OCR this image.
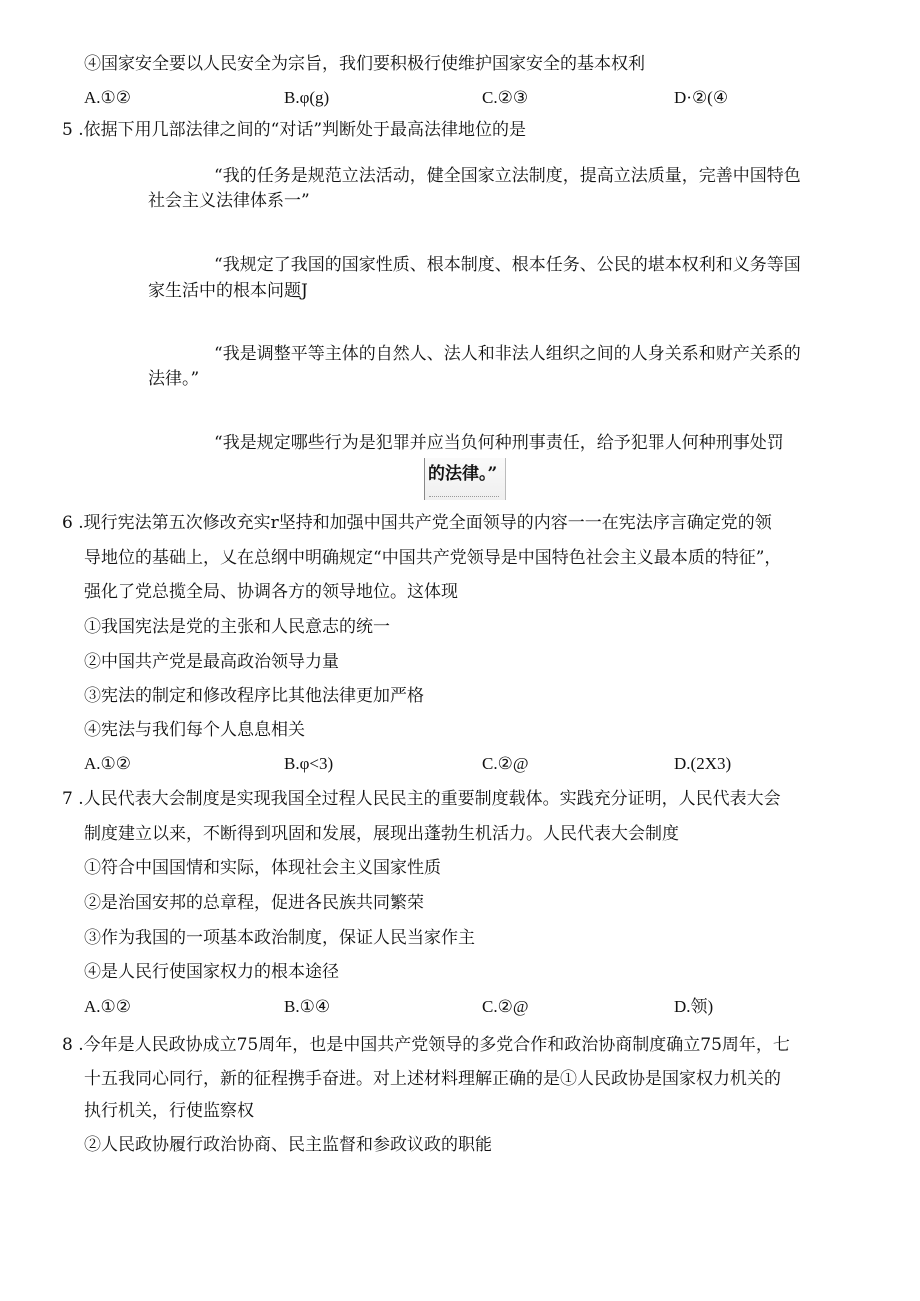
④国家安全要以人民安全为宗旨，我们要积极行使维护国家安全的基本权利
A.①②	B.φ(g)	C.②③	D·②(④
5 .依据下用几部法律之间的“对话”判断处于最高法律地位的是
“我的任务是规范立法活动，健全国家立法制度，提高立法质量，完善中国特色
社会主义法律体系一”
“我规定了我国的国家性质、根本制度、根本任务、公民的堪本权利和义务等国
家生活中的根本问题J
“我是调整平等主体的自然人、法人和非法人组织之间的人身关系和财产关系的
法律。”
“我是规定哪些行为是犯罪并应当负何种刑事责任，给予犯罪人何种刑事处罚
的法律。”
6 .现行宪法第五次修改充实r坚持和加强中国共产党全面领导的内容一一在宪法序言确定党的领
导地位的基础上，乂在总纲中明确规定“中国共产党领导是中国特色社会主义最本质的特征”，
强化了党总揽全局、协调各方的领导地位。这体现
①我国宪法是党的主张和人民意志的统一
②中国共产党是最高政治领导力量
③宪法的制定和修改程序比其他法律更加严格
④宪法与我们每个人息息相关
A.①②	B.φ<3)	C.②@	D.(2X3)
7 .人民代表大会制度是实现我国全过程人民民主的重要制度载体。实践充分证明，人民代表大会
制度建立以来，不断得到巩固和发展，展现出蓬勃生机活力。人民代表大会制度
①符合中国国情和实际，体现社会主义国家性质
②是治国安邦的总章程，促进各民族共同繁荣
③作为我国的一项基本政治制度，保证人民当家作主
④是人民行使国家权力的根本途径
A.①②	B.①④	C.②@	D.领)
8 .今年是人民政协成立75周年，也是中国共产党领导的多党合作和政治协商制度确立75周年，七
十五我同心同行，新的征程携手奋进。对上述材料理解正确的是①人民政协是国家权力机关的
执行机关，行使监察权
②人民政协履行政治协商、民主监督和参政议政的职能
